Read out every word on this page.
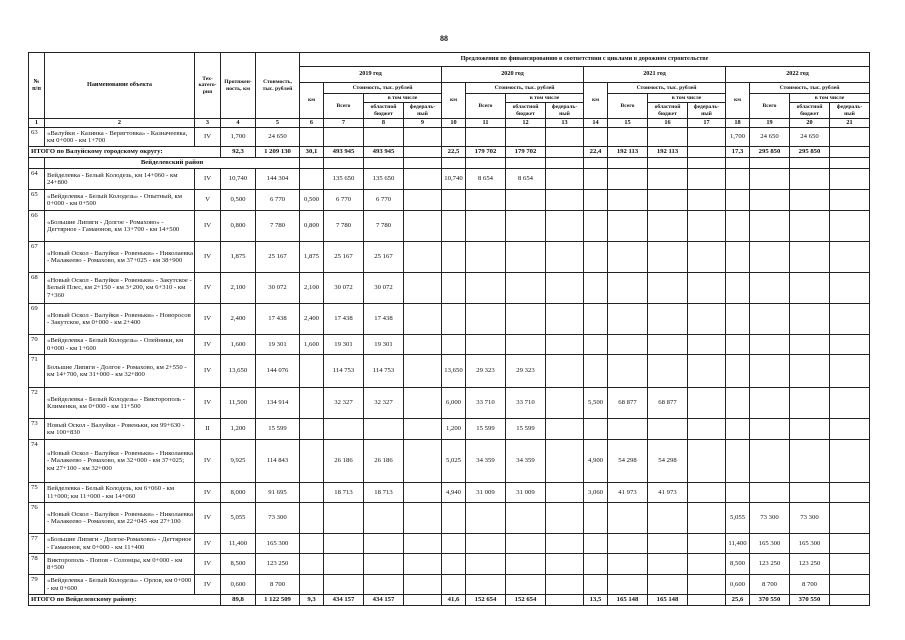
88
№ п/п	Наименование объекта	Тех- катего- рия	Протяжен- ность, км	Стоимость, тыс. рублей	Предложения по финансированию в соответствии с циклами в дорожном строительстве															
					2019 год				2020 год				2021 год				2022 год			
					км	Стоимость, тыс. рублей			км	Стоимость, тыс. рублей			км	Стоимость, тыс. рублей			км	Стоимость, тыс. рублей		
						Всего	в том числе			Всего	в том числе			Всего	в том числе			Всего	в том числе	
							областной бюджет	федераль- ный			областной бюджет	федераль- ный			областной бюджет	федераль- ный			областной бюджет	федераль- ный
1	2	3	4	5	6	7	8	9	10	11	12	13	14	15	16	17	18	19	20	21
63	«Валуйки - Казинка - Веригтовка» - Казначеевка, км 0+000 - км 1+700	IV	1,700	24 650													1,700	24 650	24 650	
ИТОГО по Валуйскому городскому округу:			92,3	1 209 130	30,1	493 945	493 945		22,5	179 702	179 702		22,4	192 113	192 113		17,3	295 850	295 850	
	Вейделевский район																			
64	Вейделевка - Белый Колодезь, км 14+060 - км 24+800	IV	10,740	144 304		135 650	135 650		10,740	8 654	8 654									
65	«Вейделевка - Белый Колодезь» - Опытный, км 0+000 - км 0+500	V	0,500	6 770	0,500	6 770	6 770													
66	«Большие Липяги - Долгое - Ромахово» - Дегтярное - Гамаюнов, км 13+700 - км 14+500	IV	0,800	7 780	0,800	7 780	7 780													
67	«Новый Оскол - Валуйки - Ровеньки» - Николаевка - Малакеево - Ромахово, км 37+025 - км 38+900	IV	1,875	25 167	1,875	25 167	25 167													
68	«Новый Оскол - Валуйки - Ровеньки» - Закутское - Белый Плес, км 2+150 - км 3+200, км 6+310 - км 7+360	IV	2,100	30 072	2,100	30 072	30 072													
69	«Новый Оскол - Валуйки - Ровеньки» - Новоросов - Закутское, км 0+000 - км 2+400	IV	2,400	17 438	2,400	17 438	17 438													
70	«Вейделевка - Белый Колодезь» - Олейники, км 0+000 - км 1+600	IV	1,600	19 301	1,600	19 301	19 301													
71	Большие Липяги - Долгое - Ромахово, км 2+550 - км 14+700, км 31+000 - км 32+800	IV	13,650	144 076		114 753	114 753		13,650	29 323	29 323									
72	«Вейделевка - Белый Колодезь» - Викторополь - Клименки, км 0+000 - км 11+500	IV	11,500	134 914		32 327	32 327		6,000	33 710	33 710		5,500	68 877	68 877					
73	Новый Оскол - Валуйки - Ровеньки, км 99+630 - км 100+830	II	1,200	15 599					1,200	15 599	15 599									
74	«Новый Оскол - Валуйки - Ровеньки» - Николаевка - Малакеево - Ромахово, км 32+000 - км 37+025; км 27+100 - км 32+000	IV	9,925	114 843		26 186	26 186		5,025	34 359	34 359		4,900	54 298	54 298					
75	Вейделевка - Белый Колодезь, км 6+060 - км 11+000; км 11+000 - км 14+060	IV	8,000	91 695		18 713	18 713		4,940	31 009	31 009		3,060	41 973	41 973					
76	«Новый Оскол - Валуйки - Ровеньки» - Николаевка - Малакеево - Ромахово, км 22+045 -км 27+100	IV	5,055	73 300													5,055	73 300	73 300	
77	«Большие Липяги - Долгое-Ромахово» - Дегтярное - Гамаюнов, км 0+000 - км 11+400	IV	11,400	165 300													11,400	165 300	165 300	
78	Викторополь - Попов - Солонцы, км 0+000 - км 8+500	IV	8,500	123 250													8,500	123 250	123 250	
79	«Вейделевка - Белый Колодезь» - Орлов, км 0+000 - км 0+600	IV	0,600	8 700													0,600	8 700	8 700	
ИТОГО по Вейделевскому району:			89,8	1 122 509	9,3	434 157	434 157		41,6	152 654	152 654		13,5	165 148	165 148		25,6	370 550	370 550	
